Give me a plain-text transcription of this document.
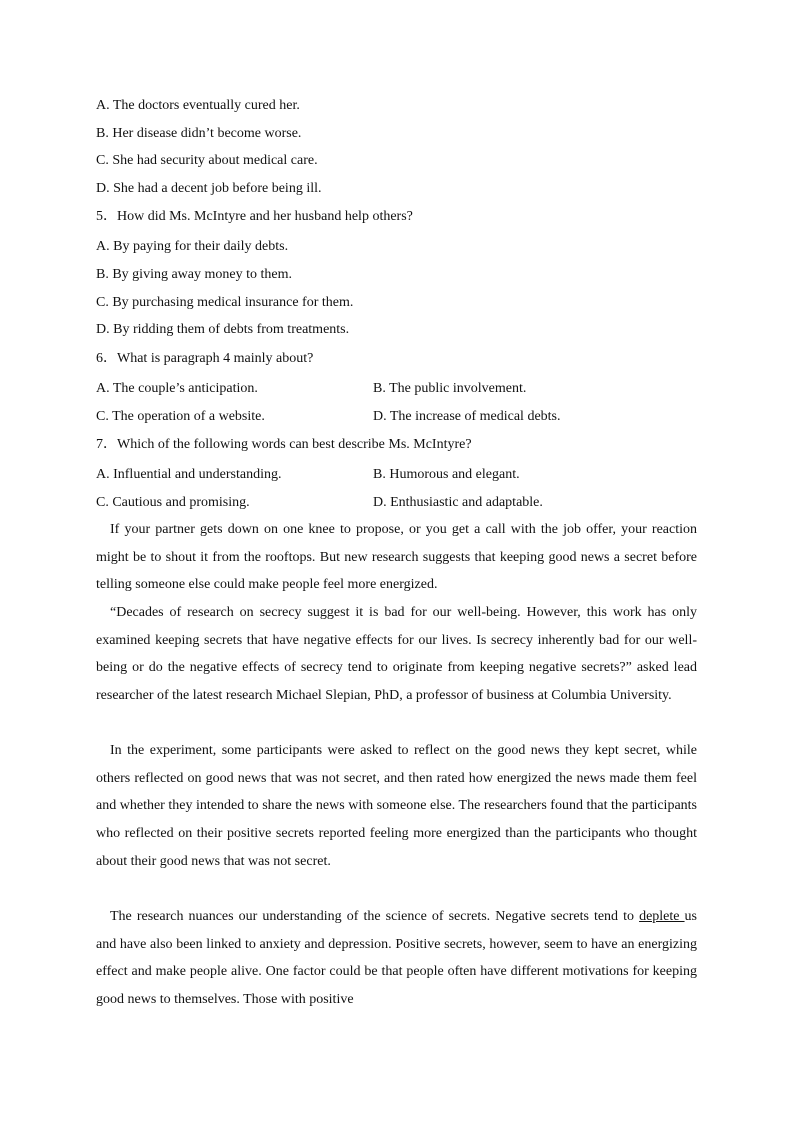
A. The doctors eventually cured her.
B. Her disease didn’t become worse.
C. She had security about medical care.
D. She had a decent job before being ill.
5．How did Ms. McIntyre and her husband help others?
A. By paying for their daily debts.
B. By giving away money to them.
C. By purchasing medical insurance for them.
D. By ridding them of debts from treatments.
6．What is paragraph 4 mainly about?
A. The couple’s anticipation.	B. The public involvement.
C. The operation of a website.	D. The increase of medical debts.
7．Which of the following words can best describe Ms. McIntyre?
A. Influential and understanding.	B. Humorous and elegant.
C. Cautious and promising.	D. Enthusiastic and adaptable.

If your partner gets down on one knee to propose, or you get a call with the job offer, your reaction might be to shout it from the rooftops. But new research suggests that keeping good news a secret before telling someone else could make people feel more energized.

“Decades of research on secrecy suggest it is bad for our well-being. However, this work has only examined keeping secrets that have negative effects for our lives. Is secrecy inherently bad for our well-being or do the negative effects of secrecy tend to originate from keeping negative secrets?” asked lead researcher of the latest research Michael Slepian, PhD, a professor of business at Columbia University.

In the experiment, some participants were asked to reflect on the good news they kept secret, while others reflected on good news that was not secret, and then rated how energized the news made them feel and whether they intended to share the news with someone else. The researchers found that the participants who reflected on their positive secrets reported feeling more energized than the participants who thought about their good news that was not secret.

The research nuances our understanding of the science of secrets. Negative secrets tend to deplete us and have also been linked to anxiety and depression. Positive secrets, however, seem to have an energizing effect and make people alive. One factor could be that people often have different motivations for keeping good news to themselves. Those with positive
